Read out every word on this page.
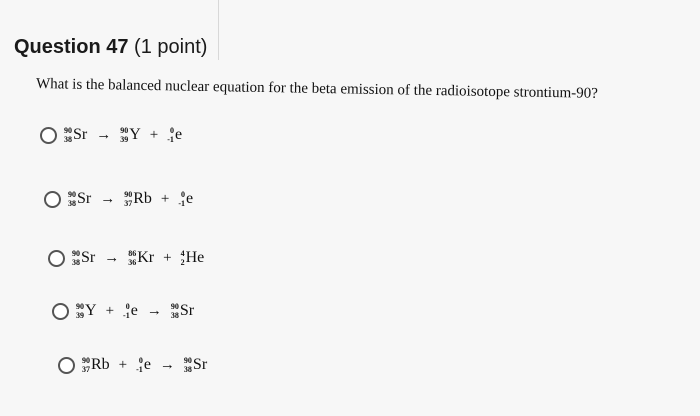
Question 47 (1 point)
What is the balanced nuclear equation for the beta emission of the radioisotope strontium-90?
90
38 Sr → 90
39 Y + 0
-1 e
90
38 Sr → 90
37 Rb + 0
-1 e
90
38 Sr → 86
36 Kr + 4
2 He
90
39 Y + 0
-1 e → 90
38 Sr
90
37 Rb + 0
-1 e → 90
38 Sr
